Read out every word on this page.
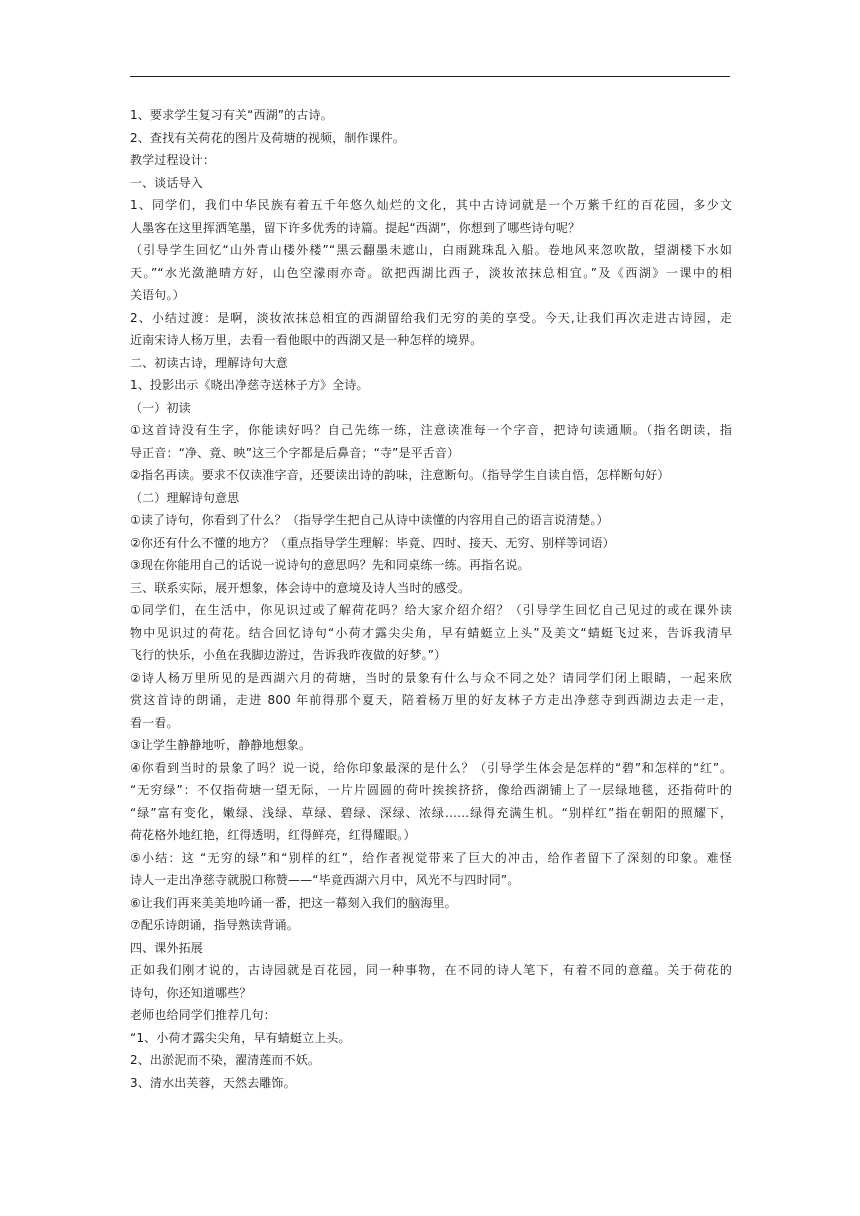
1、要求学生复习有关“西湖”的古诗。
2、查找有关荷花的图片及荷塘的视频，制作课件。
教学过程设计：
一、谈话导入
1、同学们，我们中华民族有着五千年悠久灿烂的文化，其中古诗词就是一个万紫千红的百花园，多少文
人墨客在这里挥洒笔墨，留下许多优秀的诗篇。提起“西湖”，你想到了哪些诗句呢？
（引导学生回忆“山外青山楼外楼”“黑云翻墨未遮山，白雨跳珠乱入船。卷地风来忽吹散，望湖楼下水如
天。”“水光潋滟晴方好，山色空濛雨亦奇。欲把西湖比西子，淡妆浓抹总相宜。”及《西湖》一课中的相
关语句。）
2、小结过渡：是啊，淡妆浓抹总相宜的西湖留给我们无穷的美的享受。今天,让我们再次走进古诗园，走
近南宋诗人杨万里，去看一看他眼中的西湖又是一种怎样的境界。
二、初读古诗，理解诗句大意
1、投影出示《晓出净慈寺送林子方》全诗。
（一）初读
①这首诗没有生字，你能读好吗？自己先练一练，注意读准每一个字音，把诗句读通顺。（指名朗读，指
导正音：“净、竟、映”这三个字都是后鼻音；“寺”是平舌音）
②指名再读。要求不仅读准字音，还要读出诗的韵味，注意断句。（指导学生自读自悟，怎样断句好）
（二）理解诗句意思
①读了诗句，你看到了什么？（指导学生把自己从诗中读懂的内容用自己的语言说清楚。）
②你还有什么不懂的地方？（重点指导学生理解：毕竟、四时、接天、无穷、别样等词语）
③现在你能用自己的话说一说诗句的意思吗？先和同桌练一练。再指名说。
三、联系实际，展开想象，体会诗中的意境及诗人当时的感受。
①同学们，在生活中，你见识过或了解荷花吗？给大家介绍介绍？（引导学生回忆自己见过的或在课外读
物中见识过的荷花。结合回忆诗句“小荷才露尖尖角，早有蜻蜓立上头”及美文“蜻蜓飞过来，告诉我清早
飞行的快乐，小鱼在我脚边游过，告诉我昨夜做的好梦。”）
②诗人杨万里所见的是西湖六月的荷塘，当时的景象有什么与众不同之处？请同学们闭上眼睛，一起来欣
赏这首诗的朗诵，走进 800 年前得那个夏天，陪着杨万里的好友林子方走出净慈寺到西湖边去走一走，
看一看。
③让学生静静地听，静静地想象。
④你看到当时的景象了吗？说一说，给你印象最深的是什么？（引导学生体会是怎样的“碧”和怎样的“红”。
“无穷绿”：不仅指荷塘一望无际，一片片圆圆的荷叶挨挨挤挤，像给西湖铺上了一层绿地毯，还指荷叶的
“绿”富有变化，嫩绿、浅绿、草绿、碧绿、深绿、浓绿……绿得充满生机。“别样红”指在朝阳的照耀下，
荷花格外地红艳，红得透明，红得鲜亮，红得耀眼。）
⑤小结：这 “无穷的绿”和“别样的红”，给作者视觉带来了巨大的冲击，给作者留下了深刻的印象。难怪
诗人一走出净慈寺就脱口称赞——“毕竟西湖六月中，风光不与四时同”。
⑥让我们再来美美地吟诵一番，把这一幕刻入我们的脑海里。
⑦配乐诗朗诵，指导熟读背诵。
四、课外拓展
正如我们刚才说的，古诗园就是百花园，同一种事物，在不同的诗人笔下，有着不同的意蕴。关于荷花的
诗句，你还知道哪些？
老师也给同学们推荐几句：
“1、小荷才露尖尖角，早有蜻蜓立上头。
2、出淤泥而不染，濯清莲而不妖。
3、清水出芙蓉，天然去雕饰。
